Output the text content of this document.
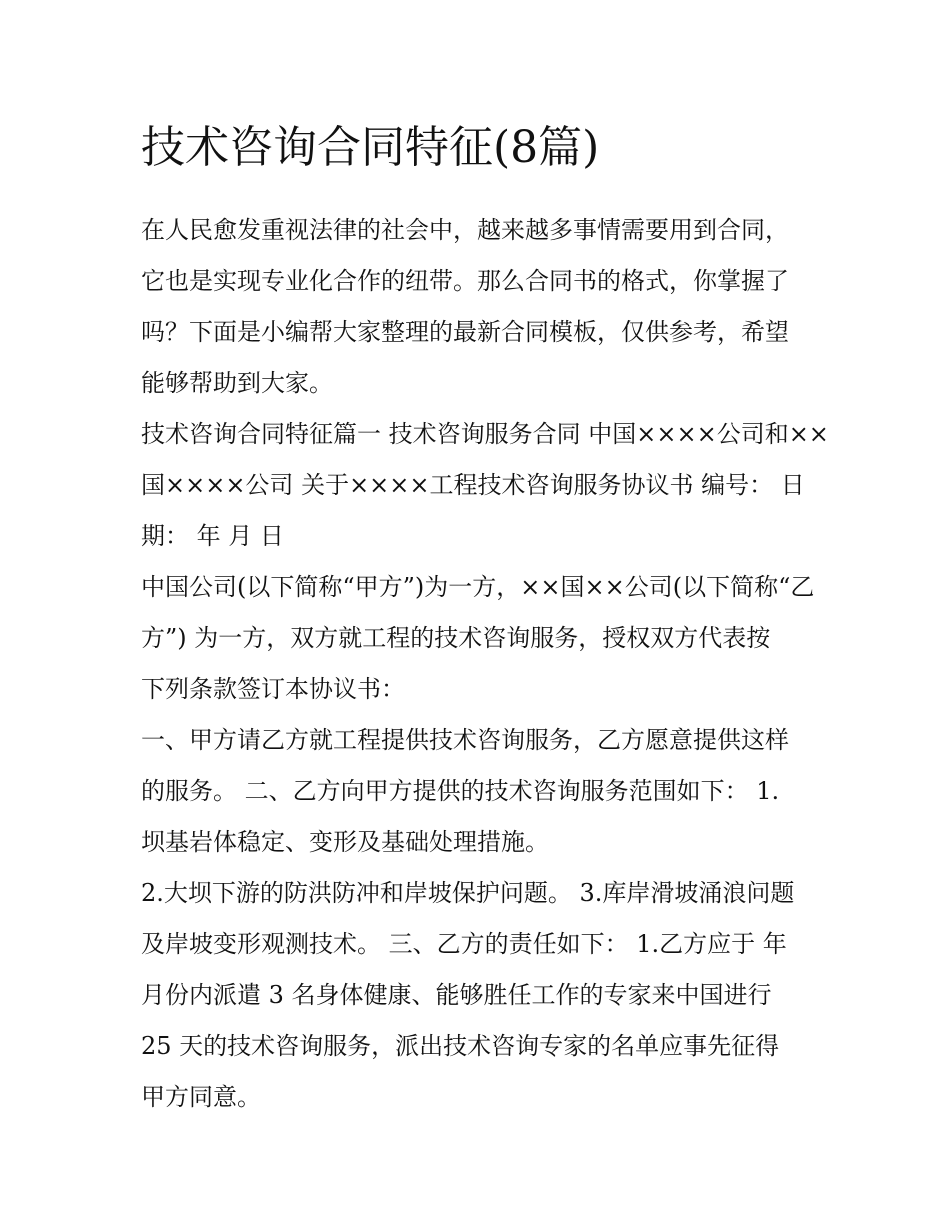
技术咨询合同特征(8篇)

在人民愈发重视法律的社会中，越来越多事情需要用到合同，
它也是实现专业化合作的纽带。那么合同书的格式，你掌握了
吗？下面是小编帮大家整理的最新合同模板，仅供参考，希望
能够帮助到大家。

技术咨询合同特征篇一 技术咨询服务合同 中国××××公司和××
国××××公司 关于××××工程技术咨询服务协议书 编号： 日
期： 年 月 日

中国公司(以下简称“甲方”)为一方，××国××公司(以下简称“乙
方”) 为一方，双方就工程的技术咨询服务，授权双方代表按
下列条款签订本协议书：

一、甲方请乙方就工程提供技术咨询服务，乙方愿意提供这样
的服务。 二、乙方向甲方提供的技术咨询服务范围如下： 1.
坝基岩体稳定、变形及基础处理措施。

2.大坝下游的防洪防冲和岸坡保护问题。 3.库岸滑坡涌浪问题
及岸坡变形观测技术。 三、乙方的责任如下： 1.乙方应于 年
月份内派遣 3 名身体健康、能够胜任工作的专家来中国进行
25 天的技术咨询服务，派出技术咨询专家的名单应事先征得
甲方同意。
